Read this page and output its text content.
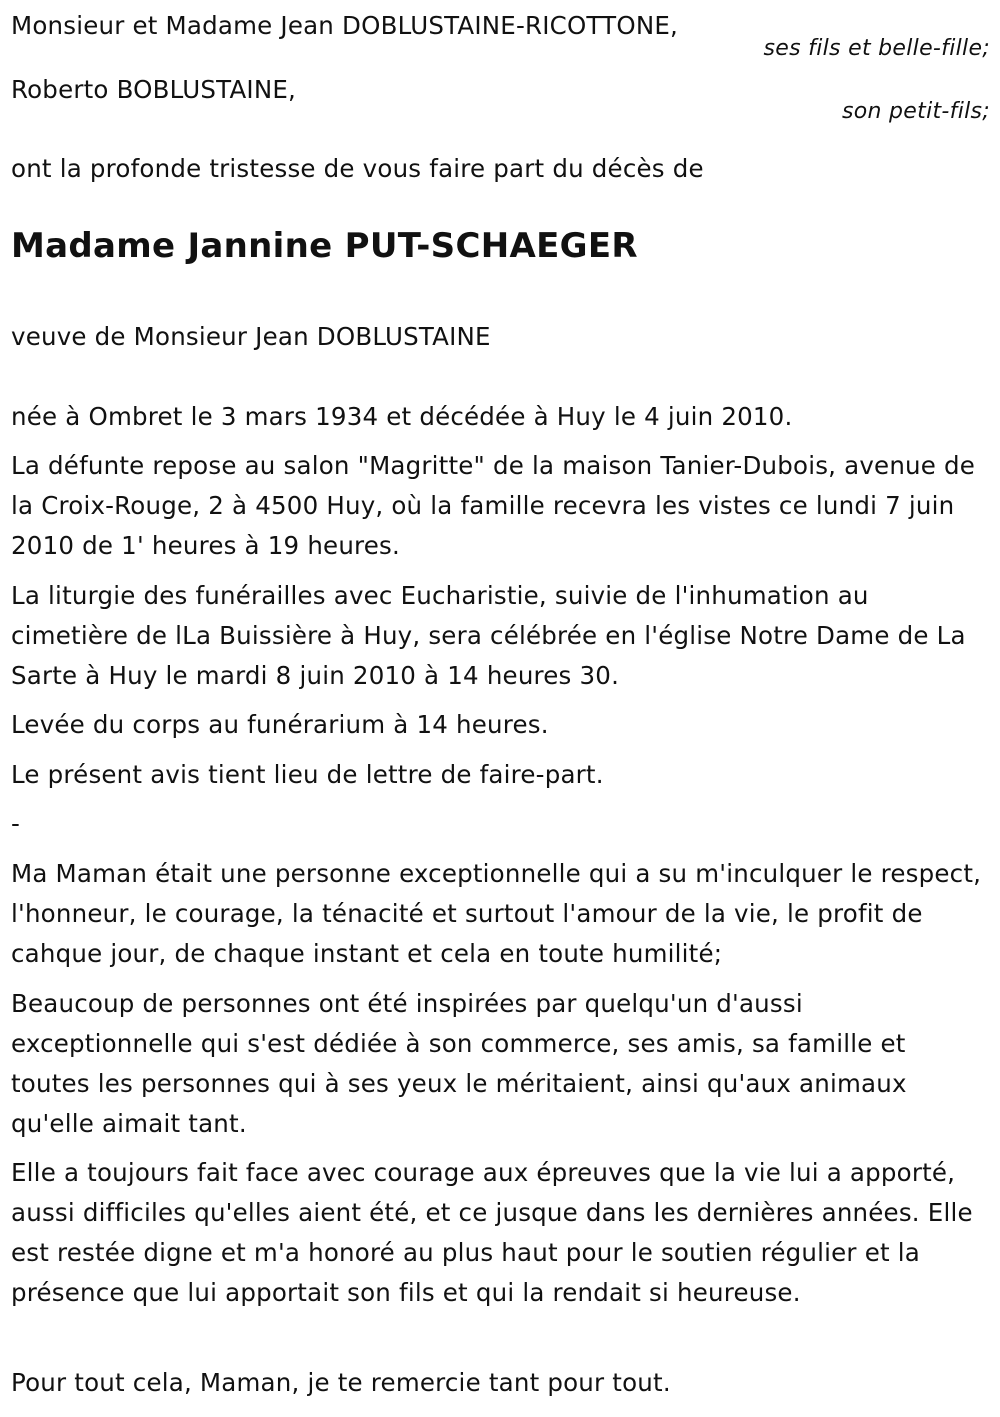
Monsieur et Madame Jean DOBLUSTAINE-RICOTTONE,
ses fils et belle-fille;
Roberto BOBLUSTAINE,
son petit-fils;
ont la profonde tristesse de vous faire part du décès de
Madame Jannine PUT-SCHAEGER
veuve de Monsieur Jean DOBLUSTAINE
née à Ombret le 3 mars 1934 et décédée à Huy le 4 juin 2010.
La défunte repose au salon "Magritte" de la maison Tanier-Dubois, avenue de la Croix-Rouge, 2 à 4500 Huy, où la famille recevra les vistes ce lundi 7 juin 2010 de 1' heures à 19 heures.
La liturgie des funérailles avec Eucharistie, suivie de l'inhumation au cimetière de lLa Buissière à Huy, sera célébrée en l'église Notre Dame de La Sarte à Huy le mardi 8 juin 2010 à 14 heures 30.
Levée du corps au funérarium à 14 heures.
Le présent avis tient lieu de lettre de faire-part.
-
Ma Maman était une personne exceptionnelle qui a su m'inculquer le respect, l'honneur, le courage, la ténacité et surtout l'amour de la vie, le profit de cahque jour, de chaque instant et cela en toute humilité;
Beaucoup de personnes ont été inspirées par quelqu'un d'aussi exceptionnelle qui s'est dédiée à son commerce, ses amis, sa famille et toutes les personnes qui à ses yeux le méritaient, ainsi qu'aux animaux qu'elle aimait tant.
Elle a toujours fait face avec courage aux épreuves que la vie lui a apporté, aussi difficiles qu'elles aient été, et ce jusque dans les dernières années. Elle est restée digne et m'a honoré au plus haut pour le soutien régulier et la présence que lui apportait son fils et qui la rendait si heureuse.
Pour tout cela, Maman, je te remercie tant pour tout.
